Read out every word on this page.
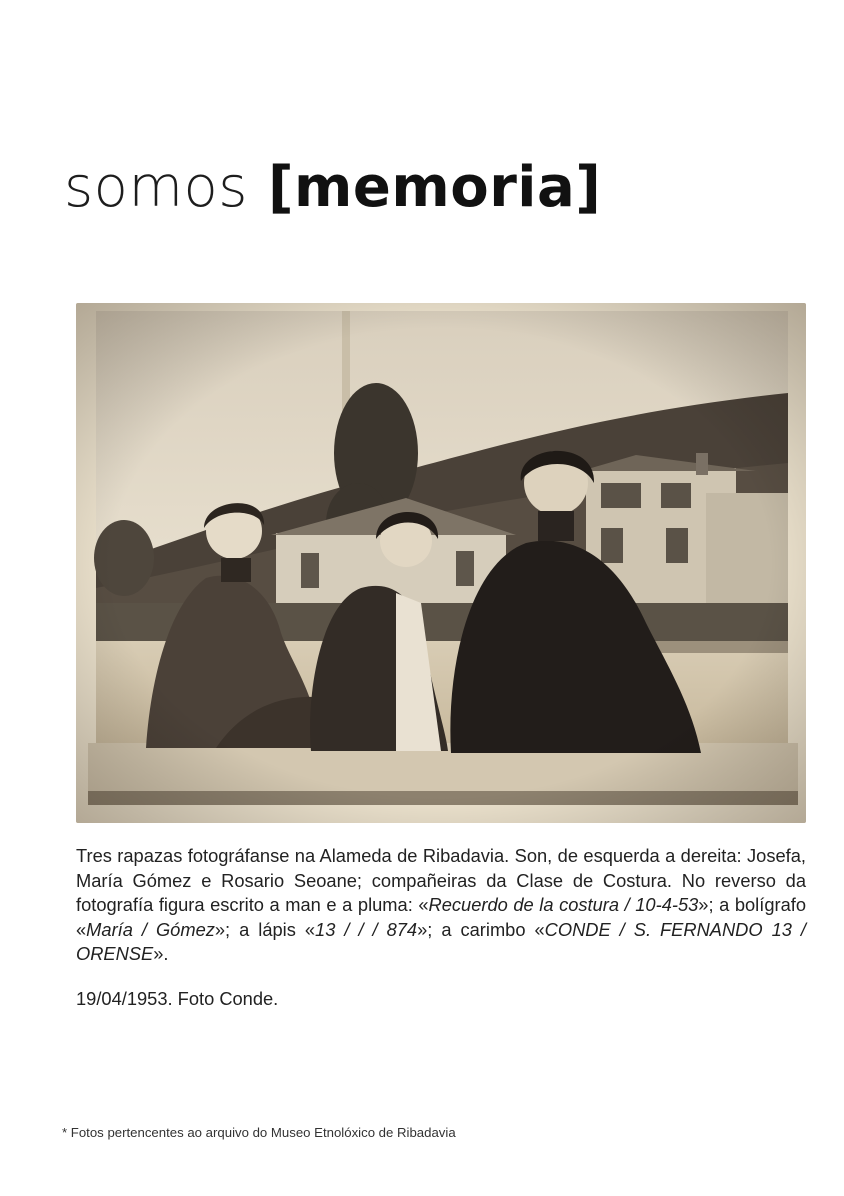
somos [memoria]

Tres rapazas fotográfanse na Alameda de Ribadavia. Son, de esquerda a dereita: Josefa, María Gómez e Rosario Seoane; compañeiras da Clase de Costura. No reverso da fotografía figura escrito a man e a pluma: «Recuerdo de la costura / 10-4-53»; a bolígrafo «María / Gómez»; a lápis «13 / / / 874»; a carimbo «CONDE / S. FERNANDO 13 / ORENSE».

19/04/1953. Foto Conde.

* Fotos pertencentes ao arquivo do Museo Etnolóxico de Ribadavia
